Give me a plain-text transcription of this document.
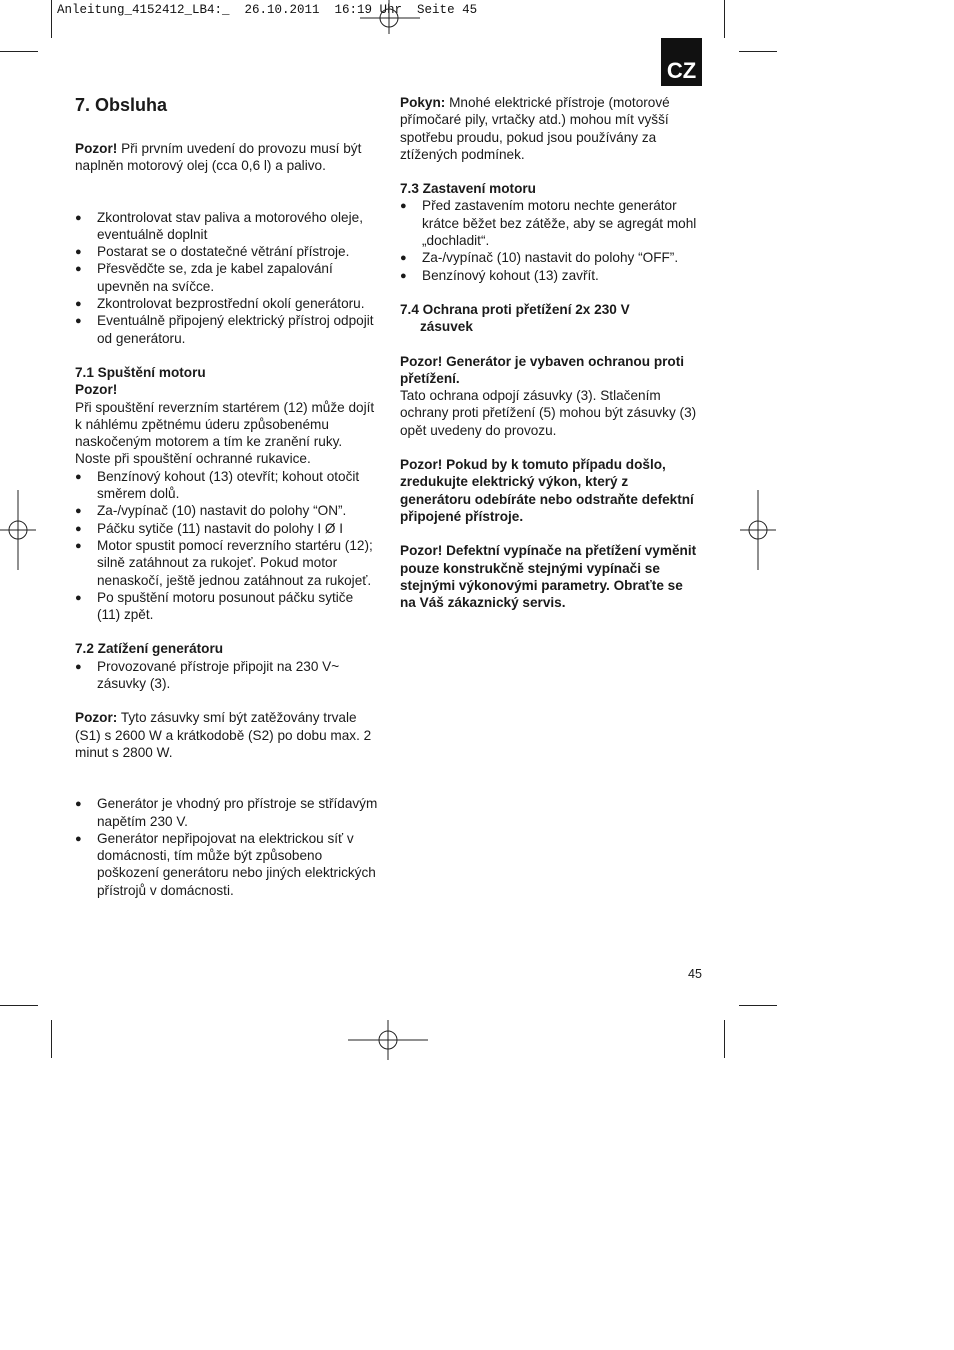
Anleitung_4152412_LB4:_  26.10.2011  16:19 Uhr  Seite 45
CZ
7. Obsluha

Pozor! Při prvním uvedení do provozu musí být naplněn motorový olej (cca 0,6 l) a palivo.

● Zkontrolovat stav paliva a motorového oleje, eventuálně doplnit
● Postarat se o dostatečné větrání přístroje.
● Přesvědčte se, zda je kabel zapalování upevněn na svíčce.
● Zkontrolovat bezprostřední okolí generátoru.
● Eventuálně připojený elektrický přístroj odpojit od generátoru.
7.1 Spuštění motoru
Pozor!

Při spouštění reverzním startérem (12) může dojít k náhlému zpětnému úderu způsobenému naskočeným motorem a tím ke zranění ruky. Noste při spouštění ochranné rukavice.

● Benzínový kohout (13) otevřít; kohout otočit směrem dolů.
● Za-/vypínač (10) nastavit do polohy “ON”.
● Páčku sytiče (11) nastavit do polohy I Ø I
● Motor spustit pomocí reverzního startéru (12); silně zatáhnout za rukojeť. Pokud motor nenaskočí, ještě jednou zatáhnout za rukojeť.
● Po spuštění motoru posunout páčku sytiče (11) zpět.
7.2 Zatížení generátoru
● Provozované přístroje připojit na 230 V~ zásuvky (3).

Pozor: Tyto zásuvky smí být zatěžovány trvale (S1) s 2600 W a krátkodobě (S2) po dobu max. 2 minut s 2800 W.

● Generátor je vhodný pro přístroje se střídavým napětím 230 V.
● Generátor nepřipojovat na elektrickou síť v domácnosti, tím může být způsobeno poškození generátoru nebo jiných elektrických přístrojů v domácnosti.

Pokyn: Mnohé elektrické přístroje (motorové přímočaré pily, vrtačky atd.) mohou mít vyšší spotřebu proudu, pokud jsou používány za ztížených podmínek.

7.3 Zastavení motoru
● Před zastavením motoru nechte generátor krátce běžet bez zátěže, aby se agregát mohl „dochladit“.
● Za-/vypínač (10) nastavit do polohy “OFF”.
● Benzínový kohout (13) zavřít.
7.4 Ochrana proti přetížení 2x 230 V
zásuvek

Pozor! Generátor je vybaven ochranou proti přetížení.

Tato ochrana odpojí zásuvky (3). Stlačením ochrany proti přetížení (5) mohou být zásuvky (3) opět uvedeny do provozu.

Pozor! Pokud by k tomuto případu došlo, zredukujte elektrický výkon, který z generátoru odebíráte nebo odstraňte defektní připojené přístroje.

Pozor! Defektní vypínače na přetížení vyměnit pouze konstrukčně stejnými vypínači se stejnými výkonovými parametry. Obraťte se na Váš zákaznický servis.

45
